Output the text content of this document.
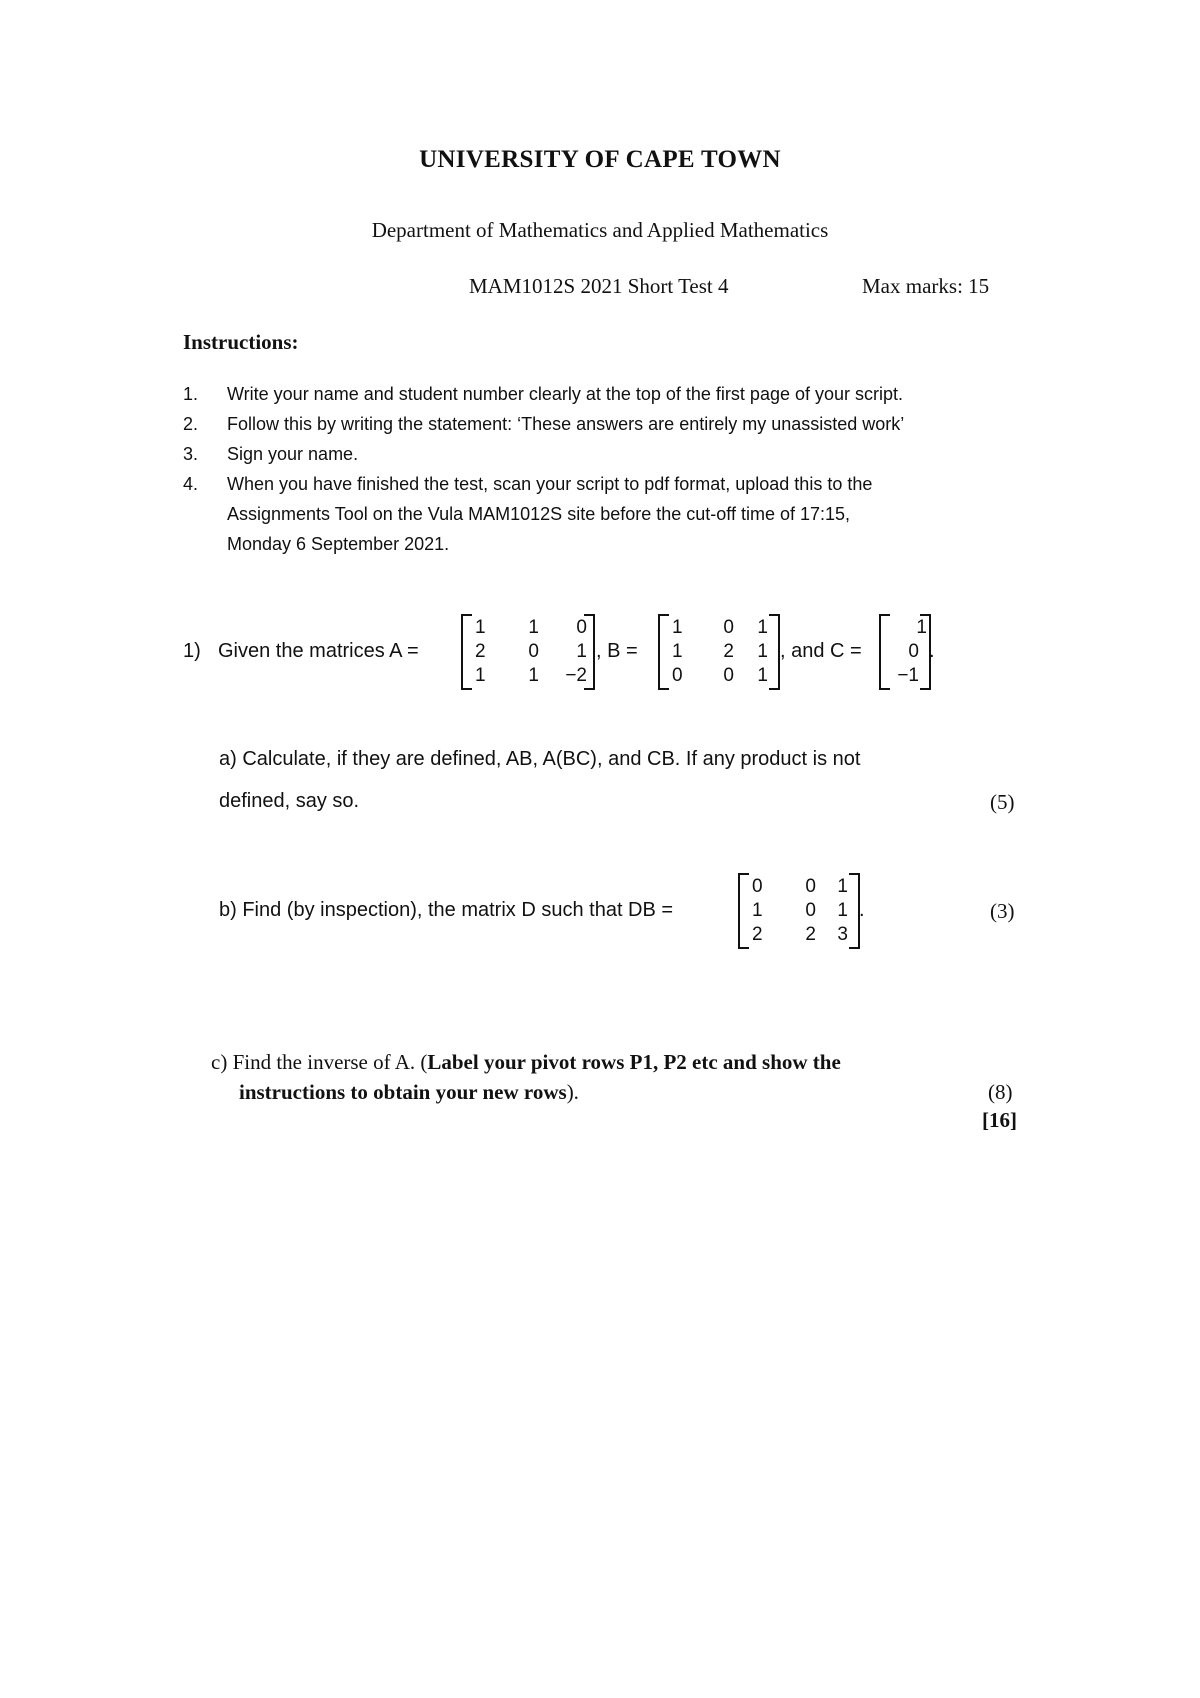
UNIVERSITY OF CAPE TOWN
Department of Mathematics and Applied Mathematics
MAM1012S 2021 Short Test 4	Max marks: 15
Instructions:
1. Write your name and student number clearly at the top of the first page of your script.
2. Follow this by writing the statement: ‘These answers are entirely my unassisted work’
3. Sign your name.
4. When you have finished the test, scan your script to pdf format, upload this to the
Assignments Tool on the Vula MAM1012S site before the cut-off time of 17:15,
Monday 6 September 2021.
1) Given the matrices A =
1	1	0
2	0	1
1	1	−2
, B =
1	0	1
1	2	1
0	0	1
, and C =
1
0
−1
.
a) Calculate, if they are defined, AB, A(BC), and CB. If any product is not
defined, say so.	(5)
b) Find (by inspection), the matrix D such that DB =
0	0	1
1	0	1
2	2	3
.	(3)
c) Find the inverse of A. (Label your pivot rows P1, P2 etc and show the
instructions to obtain your new rows).	(8)
[16]
